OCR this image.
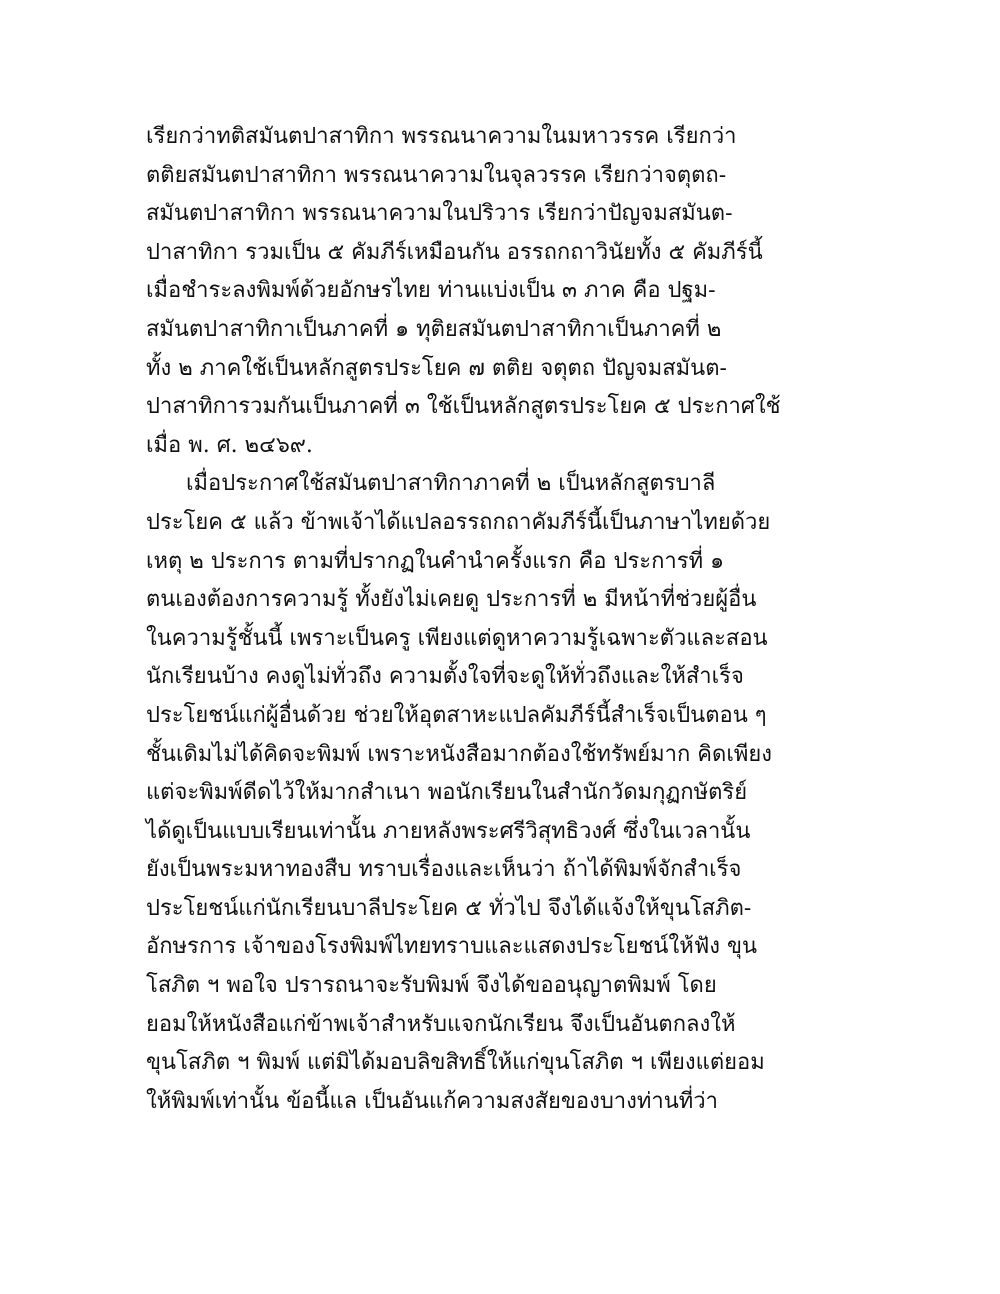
เรียกว่าทติสมันตปาสาทิกา พรรณนาความในมหาวรรค เรียกว่า
ตติยสมันตปาสาทิกา พรรณนาความในจุลวรรค เรียกว่าจตุตถ-
สมันตปาสาทิกา พรรณนาความในปริวาร เรียกว่าปัญจมสมันต-
ปาสาทิกา รวมเป็น ๕ คัมภีร์เหมือนกัน อรรถกถาวินัยทั้ง ๕ คัมภีร์นี้
เมื่อชำระลงพิมพ์ด้วยอักษรไทย ท่านแบ่งเป็น ๓ ภาค คือ ปฐม-
สมันตปาสาทิกาเป็นภาคที่ ๑ ทุติยสมันตปาสาทิกาเป็นภาคที่ ๒
ทั้ง ๒ ภาคใช้เป็นหลักสูตรประโยค ๗ ตติย จตุตถ ปัญจมสมันต-
ปาสาทิการวมกันเป็นภาคที่ ๓ ใช้เป็นหลักสูตรประโยค ๕ ประกาศใช้
เมื่อ พ. ศ. ๒๔๖๙.
เมื่อประกาศใช้สมันตปาสาทิกาภาคที่ ๒ เป็นหลักสูตรบาลี
ประโยค ๕ แล้ว ข้าพเจ้าได้แปลอรรถกถาคัมภีร์นี้เป็นภาษาไทยด้วย
เหตุ ๒ ประการ ตามที่ปรากฏในคำนำครั้งแรก คือ ประการที่ ๑
ตนเองต้องการความรู้ ทั้งยังไม่เคยดู ประการที่ ๒ มีหน้าที่ช่วยผู้อื่น
ในความรู้ชั้นนี้ เพราะเป็นครู เพียงแต่ดูหาความรู้เฉพาะตัวและสอน
นักเรียนบ้าง คงดูไม่ทั่วถึง ความตั้งใจที่จะดูให้ทั่วถึงและให้สำเร็จ
ประโยชน์แก่ผู้อื่นด้วย ช่วยให้อุตสาหะแปลคัมภีร์นี้สำเร็จเป็นตอน ๆ
ชั้นเดิมไม่ได้คิดจะพิมพ์ เพราะหนังสือมากต้องใช้ทรัพย์มาก คิดเพียง
แต่จะพิมพ์ดีดไว้ให้มากสำเนา พอนักเรียนในสำนักวัดมกุฏกษัตริย์
ได้ดูเป็นแบบเรียนเท่านั้น ภายหลังพระศรีวิสุทธิวงศ์ ซึ่งในเวลานั้น
ยังเป็นพระมหาทองสืบ ทราบเรื่องและเห็นว่า ถ้าได้พิมพ์จักสำเร็จ
ประโยชน์แก่นักเรียนบาลีประโยค ๕ ทั่วไป จึงได้แจ้งให้ขุนโสภิต-
อักษรการ เจ้าของโรงพิมพ์ไทยทราบและแสดงประโยชน์ให้ฟัง ขุน
โสภิต ฯ พอใจ ปรารถนาจะรับพิมพ์ จึงได้ขออนุญาตพิมพ์ โดย
ยอมให้หนังสือแก่ข้าพเจ้าสำหรับแจกนักเรียน จึงเป็นอันตกลงให้
ขุนโสภิต ฯ พิมพ์ แต่มิได้มอบลิขสิทธิ์ให้แก่ขุนโสภิต ฯ เพียงแต่ยอม
ให้พิมพ์เท่านั้น ข้อนี้แล เป็นอันแก้ความสงสัยของบางท่านที่ว่า
